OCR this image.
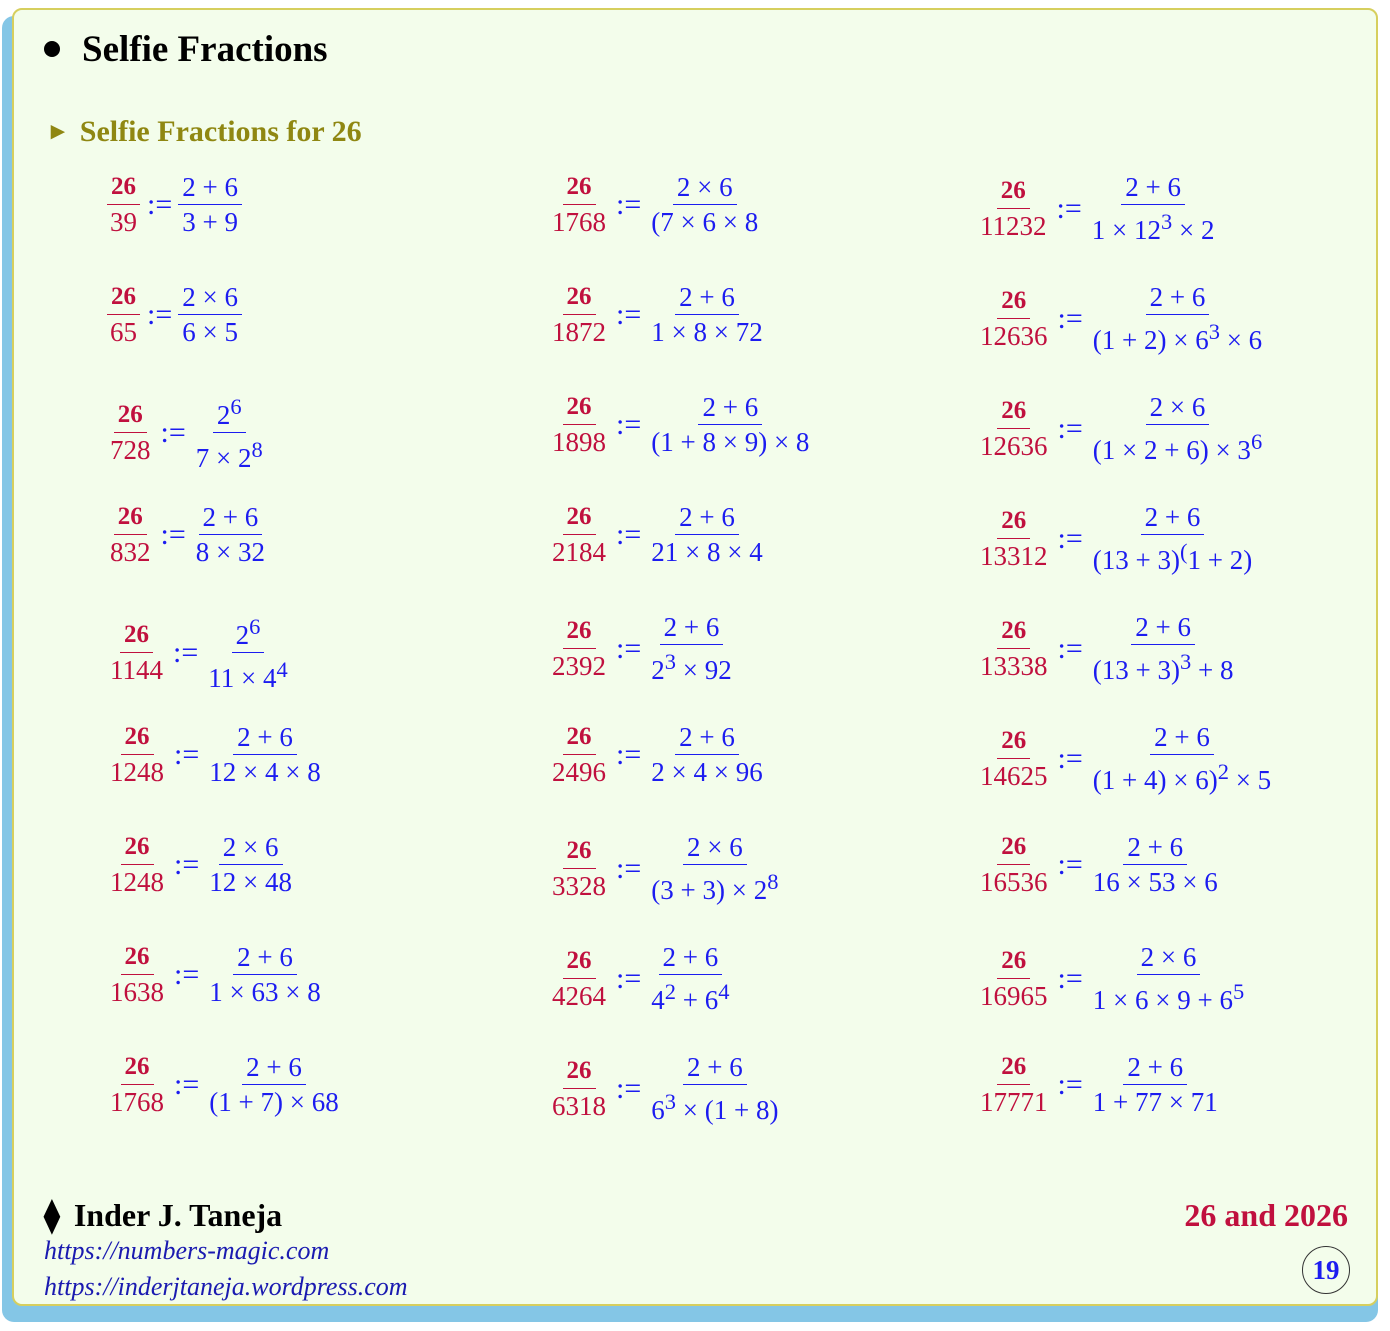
Selfie Fractions
► Selfie Fractions for 26
$\frac{26}{39}$ := $\frac{2 + 6}{3 + 9}$
$\frac{26}{65}$ := $\frac{2 \times 6}{6 \times 5}$
$\frac{26}{728}$ := $\frac{2^6}{7 \times 2^8}$
$\frac{26}{832}$ := $\frac{2 + 6}{8 \times 32}$
$\frac{26}{1144}$ := $\frac{2^6}{11 \times 4^4}$
$\frac{26}{1248}$ := $\frac{2 + 6}{12 \times 4 \times 8}$
$\frac{26}{1248}$ := $\frac{2 \times 6}{12 \times 48}$
$\frac{26}{1638}$ := $\frac{2 + 6}{1 \times 63 \times 8}$
$\frac{26}{1768}$ := $\frac{2 + 6}{(1 + 7) \times 68}$
$\frac{26}{1768}$ := $\frac{2 \times 6}{(7 \times 6 \times 8}$
$\frac{26}{1872}$ := $\frac{2 + 6}{1 \times 8 \times 72}$
$\frac{26}{1898}$ := $\frac{2 + 6}{(1 + 8 \times 9) \times 8}$
$\frac{26}{2184}$ := $\frac{2 + 6}{21 \times 8 \times 4}$
$\frac{26}{2392}$ := $\frac{2 + 6}{2^3 \times 92}$
$\frac{26}{2496}$ := $\frac{2 + 6}{2 \times 4 \times 96}$
$\frac{26}{3328}$ := $\frac{2 \times 6}{(3 + 3) \times 2^8}$
$\frac{26}{4264}$ := $\frac{2 + 6}{4^2 + 6^4}$
$\frac{26}{6318}$ := $\frac{2 + 6}{6^3 \times (1 + 8)}$
$\frac{26}{11232}$ := $\frac{2 + 6}{1 \times 12^3 \times 2}$
$\frac{26}{12636}$ := $\frac{2 + 6}{(1 + 2) \times 6^3 \times 6}$
$\frac{26}{12636}$ := $\frac{2 \times 6}{(1 \times 2 + 6) \times 3^6}$
$\frac{26}{13312}$ := $\frac{2 + 6}{(13 + 3)^(1 + 2)}$
$\frac{26}{13338}$ := $\frac{2 + 6}{(13 + 3)^3 + 8}$
$\frac{26}{14625}$ := $\frac{2 + 6}{(1 + 4) \times 6)^2 \times 5}$
$\frac{26}{16536}$ := $\frac{2 + 6}{16 \times 53 \times 6}$
$\frac{26}{16965}$ := $\frac{2 \times 6}{1 \times 6 \times 9 + 6^5}$
$\frac{26}{17771}$ := $\frac{2 + 6}{1 + 77 \times 71}$
⧫ Inder J. Taneja
https://numbers-magic.com
https://inderjtaneja.wordpress.com
26 and 2026
19
